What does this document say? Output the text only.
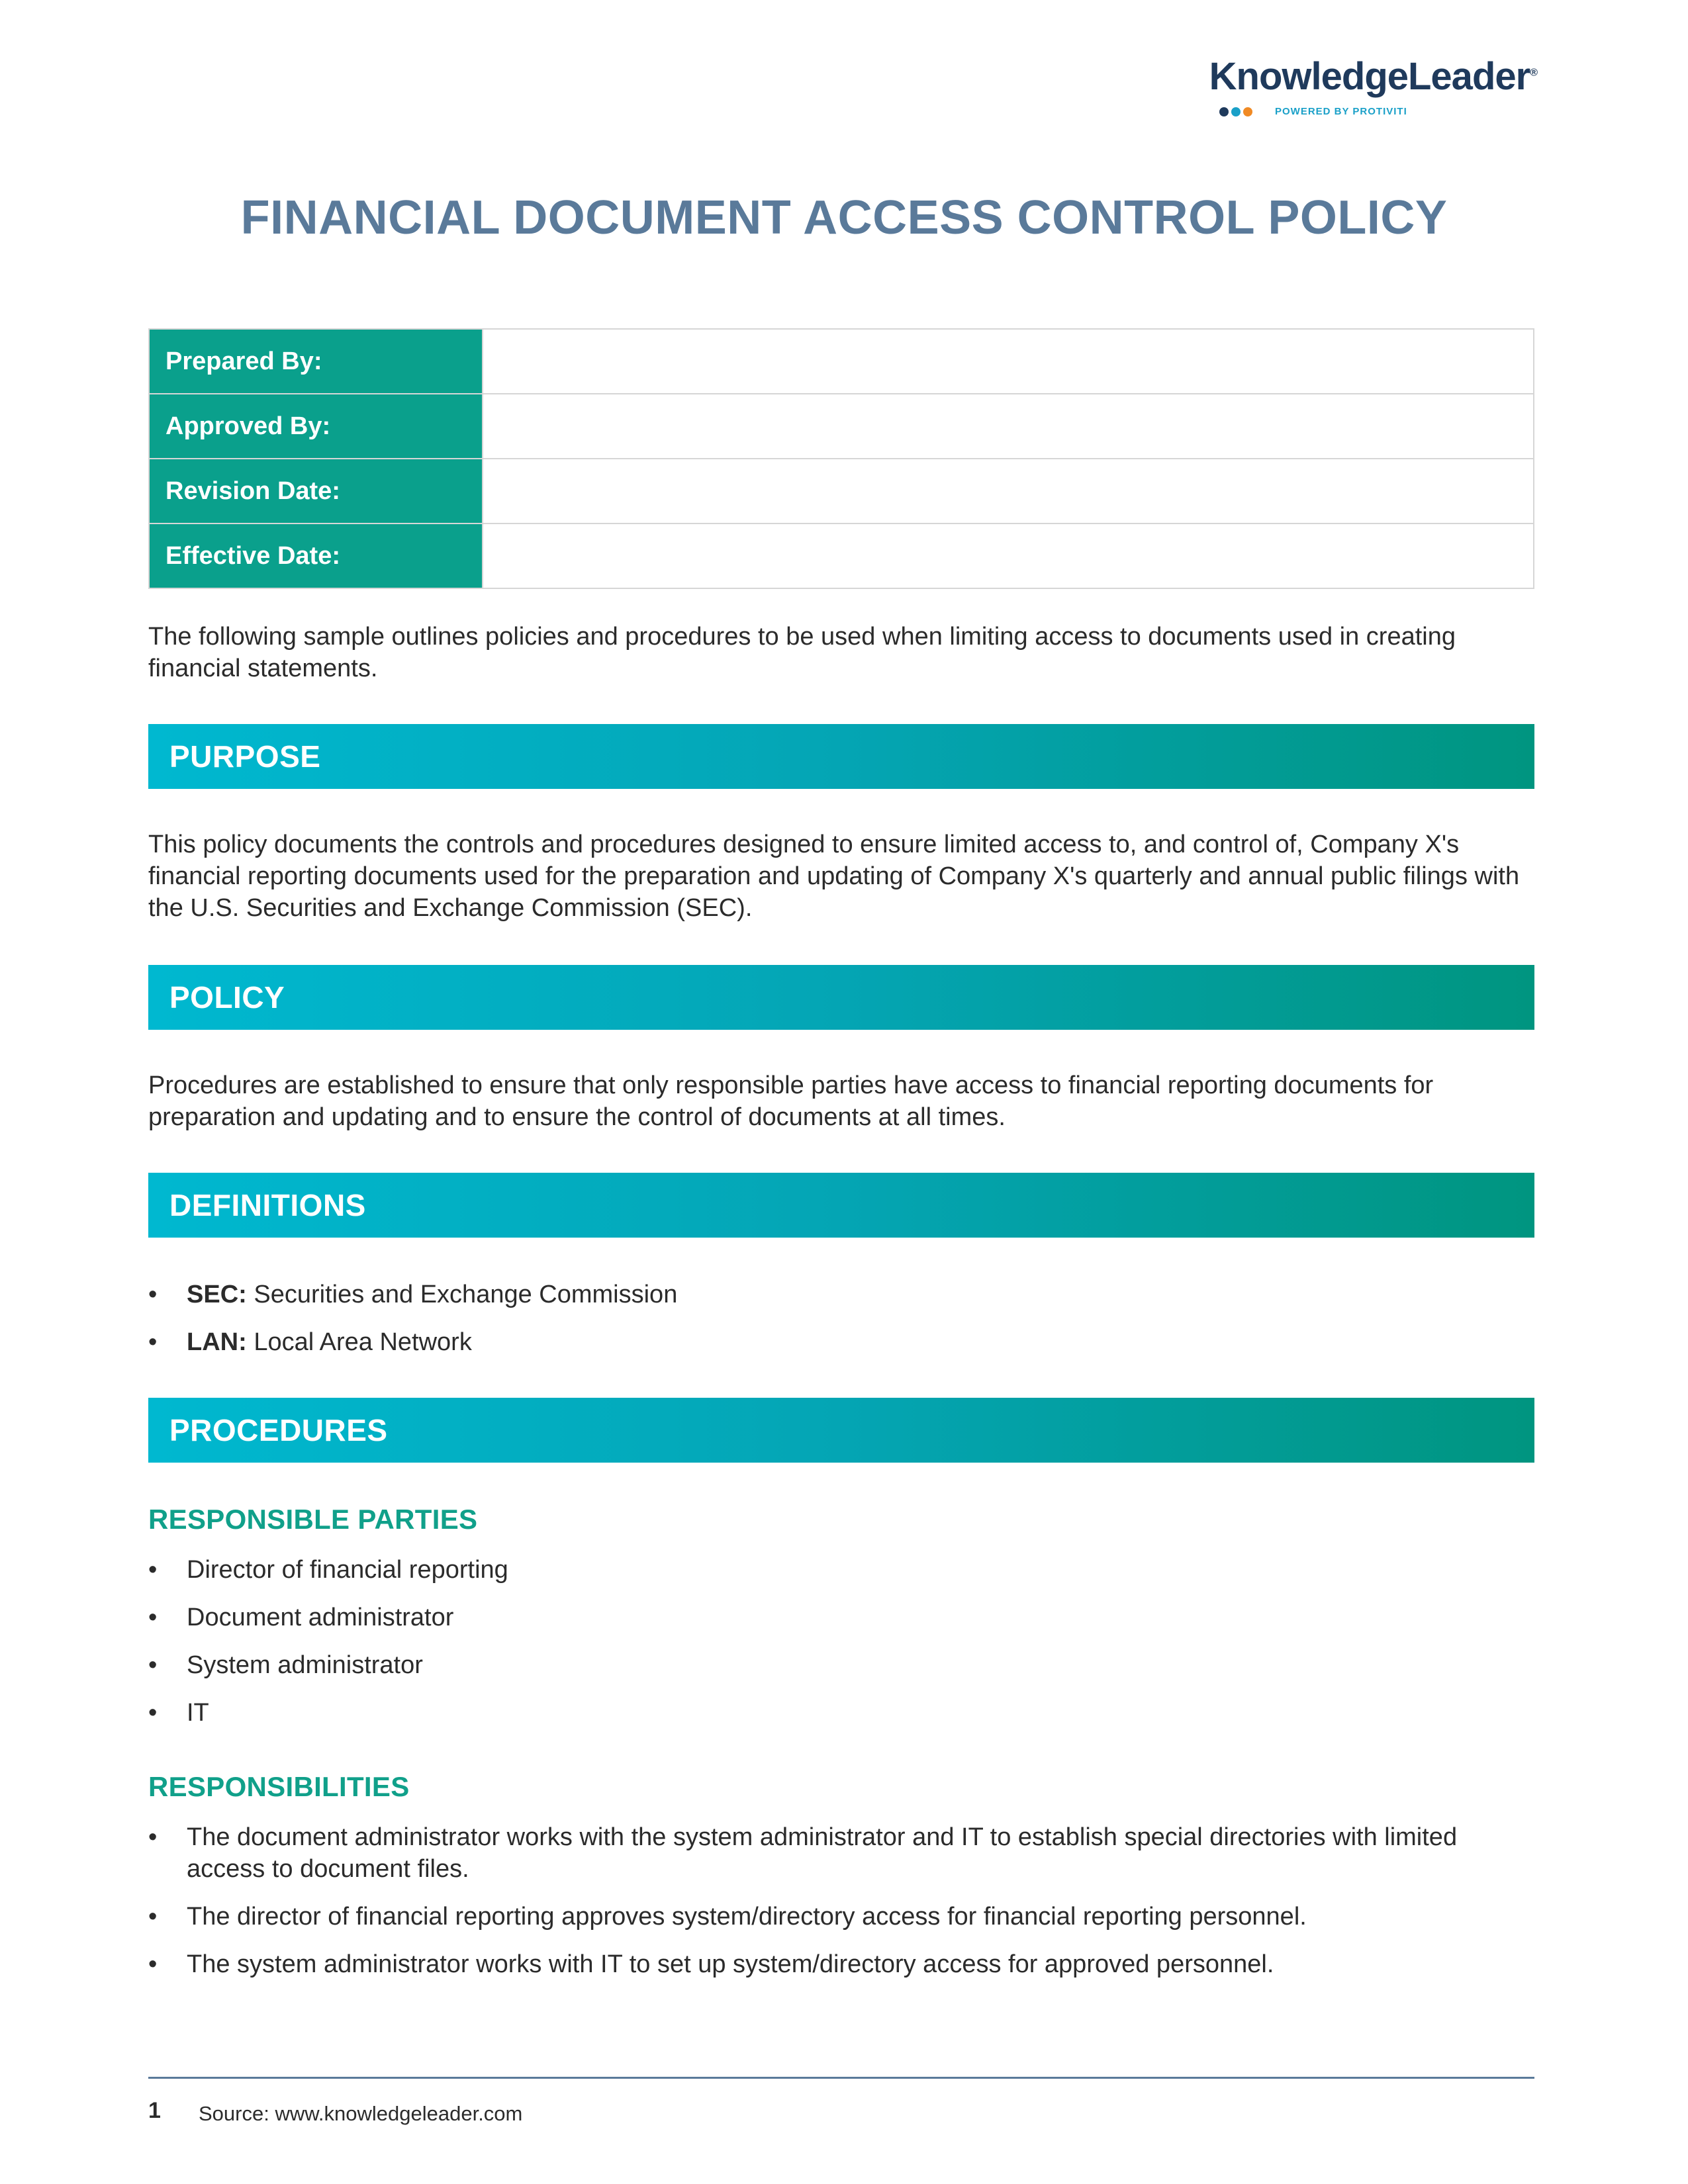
KnowledgeLeader®
POWERED BY PROTIVITI
FINANCIAL DOCUMENT ACCESS CONTROL POLICY
Prepared By:	
Approved By:	
Revision Date:	
Effective Date:	

The following sample outlines policies and procedures to be used when limiting access to documents used in creating financial statements.

PURPOSE

This policy documents the controls and procedures designed to ensure limited access to, and control of, Company X's financial reporting documents used for the preparation and updating of Company X's quarterly and annual public filings with the U.S. Securities and Exchange Commission (SEC).

POLICY

Procedures are established to ensure that only responsible parties have access to financial reporting documents for preparation and updating and to ensure the control of documents at all times.

DEFINITIONS
• SEC: Securities and Exchange Commission
• LAN: Local Area Network
PROCEDURES
RESPONSIBLE PARTIES
• Director of financial reporting
• Document administrator
• System administrator
• IT
RESPONSIBILITIES
• The document administrator works with the system administrator and IT to establish special directories with limited access to document files.
• The director of financial reporting approves system/directory access for financial reporting personnel.
• The system administrator works with IT to set up system/directory access for approved personnel.
1 Source: www.knowledgeleader.com
